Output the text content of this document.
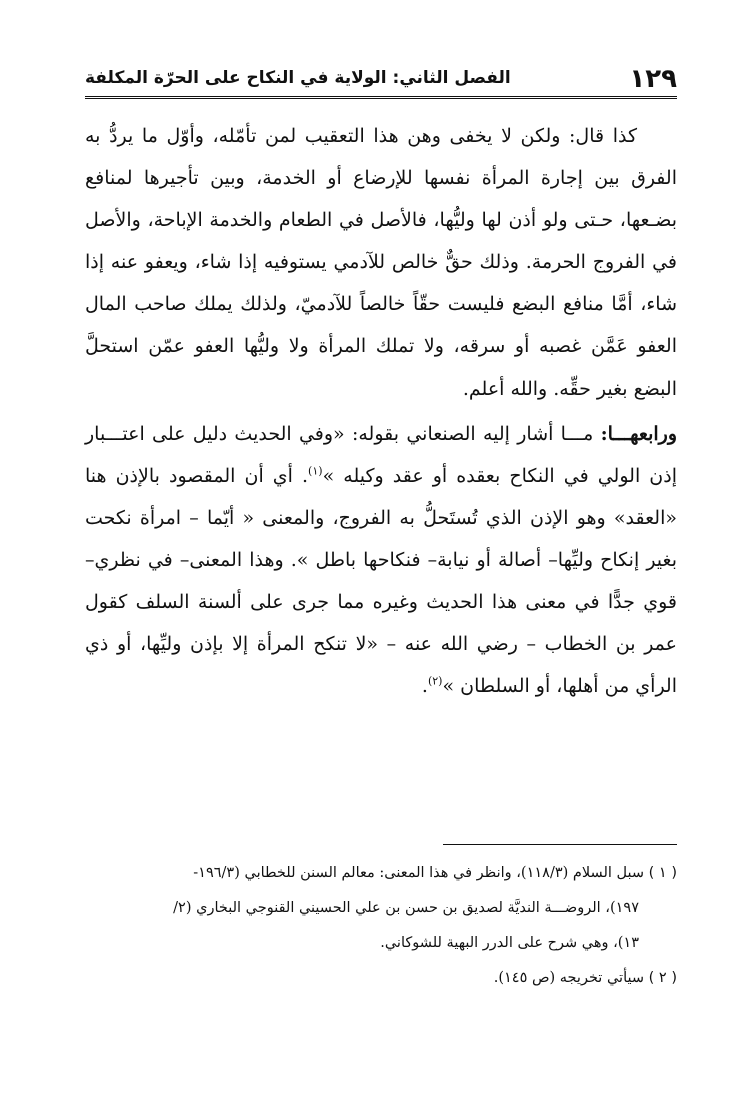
١٢٩
الفصل الثاني: الولاية في النكاح على الحرّة المكلفة

كذا قال: ولكن لا يخفى وهن هذا التعقيب لمن تأمّله، وأوّل ما يردُّ به الفرق بين إجارة المرأة نفسها للإرضاع أو الخدمة، وبين تأجيرها لمنافع بضـعها، حـتى ولو أذن لها وليُّها، فالأصل في الطعام والخدمة الإباحة، والأصل في الفروج الحرمة. وذلك حقٌّ خالص للآدمي يستوفيه إذا شاء، ويعفو عنه إذا شاء، أمَّا منافع البضع فليست حقّاً خالصاً للآدميّ، ولذلك يملك صاحب المال العفو عَمَّن غصبه أو سرقه، ولا تملك المرأة ولا وليُّها العفو عمّن استحلَّ البضع بغير حقِّه. والله أعلم.

ورابعهـــا: مـــا أشار إليه الصنعاني بقوله: «وفي الحديث دليل على اعتـــبار إذن الولي في النكاح بعقده أو عقد وكيله »$^{(١)}$. أي أن المقصود بالإذن هنا «العقد» وهو الإذن الذي تُستَحلُّ به الفروج، والمعنى « أيّما – امرأة نكحت بغير إنكاح وليِّها– أصالة أو نيابة– فنكاحها باطل ». وهذا المعنى– في نظري– قوي جدًّا في معنى هذا الحديث وغيره مما جرى على ألسنة السلف كقول عمر بن الخطاب – رضي الله عنه – «لا تنكح المرأة إلا بإذن وليِّها، أو ذي الرأي من أهلها، أو السلطان »$^{(٢)}$.

( ١ ) سبل السلام (١١٨/٣)، وانظر في هذا المعنى: معالم السنن للخطابي (١٩٦/٣-

١٩٧)، الروضـــة النديَّة لصديق بن حسن بن علي الحسيني القنوجي البخاري (٢/

١٣)، وهي شرح على الدرر البهية للشوكاني.

( ٢ ) سيأتي تخريجه (ص ١٤٥).
